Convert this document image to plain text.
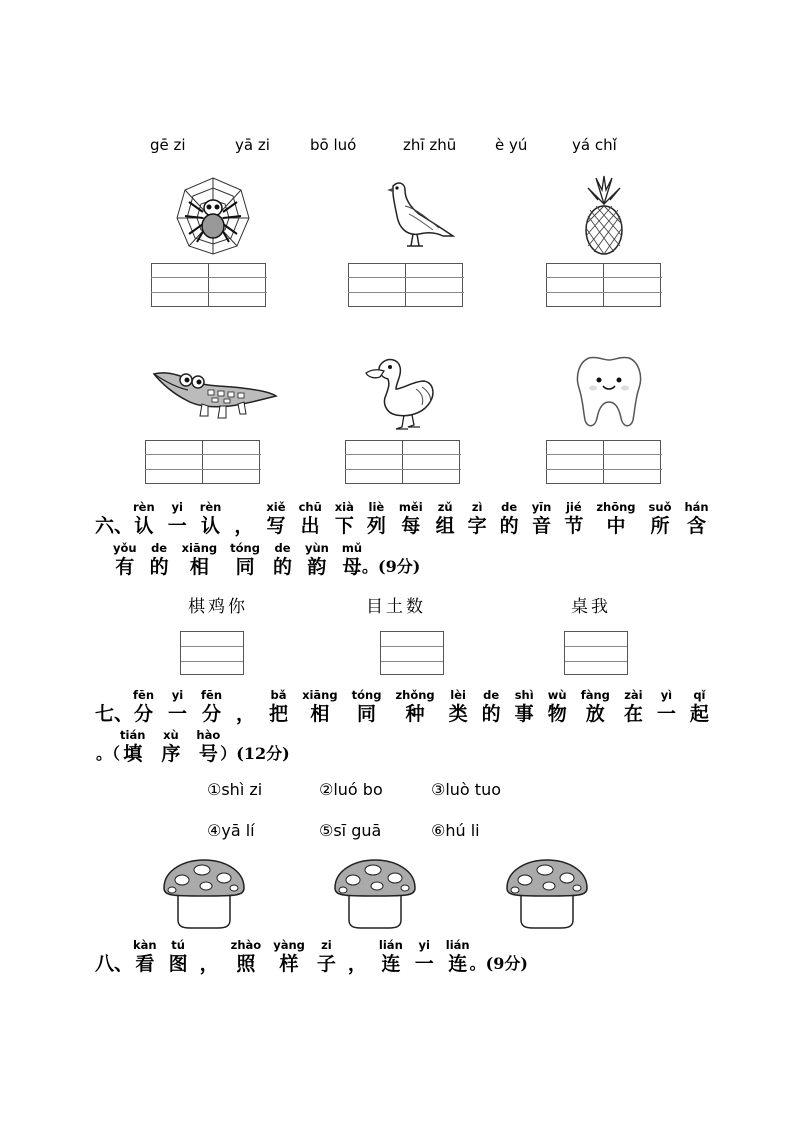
gē zi	yā zi	bō luó	zhī zhū	è yú	yá chǐ
六、
rèn
认
yi
一
rèn
认 ，
xiě
写
chū
出
xià
下
liè
列
měi
每
zǔ
组
zì
字
de
的
yīn
音
jié
节
zhōng
中
suǒ
所
hán
含
yǒu
有
de
的
xiāng
相
tóng
同
de
的
yùn
韵
mǔ
母 。(9分)
棋鸡你	目土数	桌我
七、
fēn
分
yi
一
fēn
分 ，
bǎ
把
xiāng
相
tóng
同
zhǒng
种
lèi
类
de
的
shì
事
wù
物
fàng
放
zài
在
yì
一
qǐ
起
。（
tián
填
xù
序
hào
号 ）(12分)
①shì zi	②luó bo	③luò tuo
④yā lí	⑤sī guā	⑥hú li
八、
kàn
看
tú
图 ，
zhào
照
yàng
样
zi
子 ，
lián
连
yi
一
lián
连 。(9分)
